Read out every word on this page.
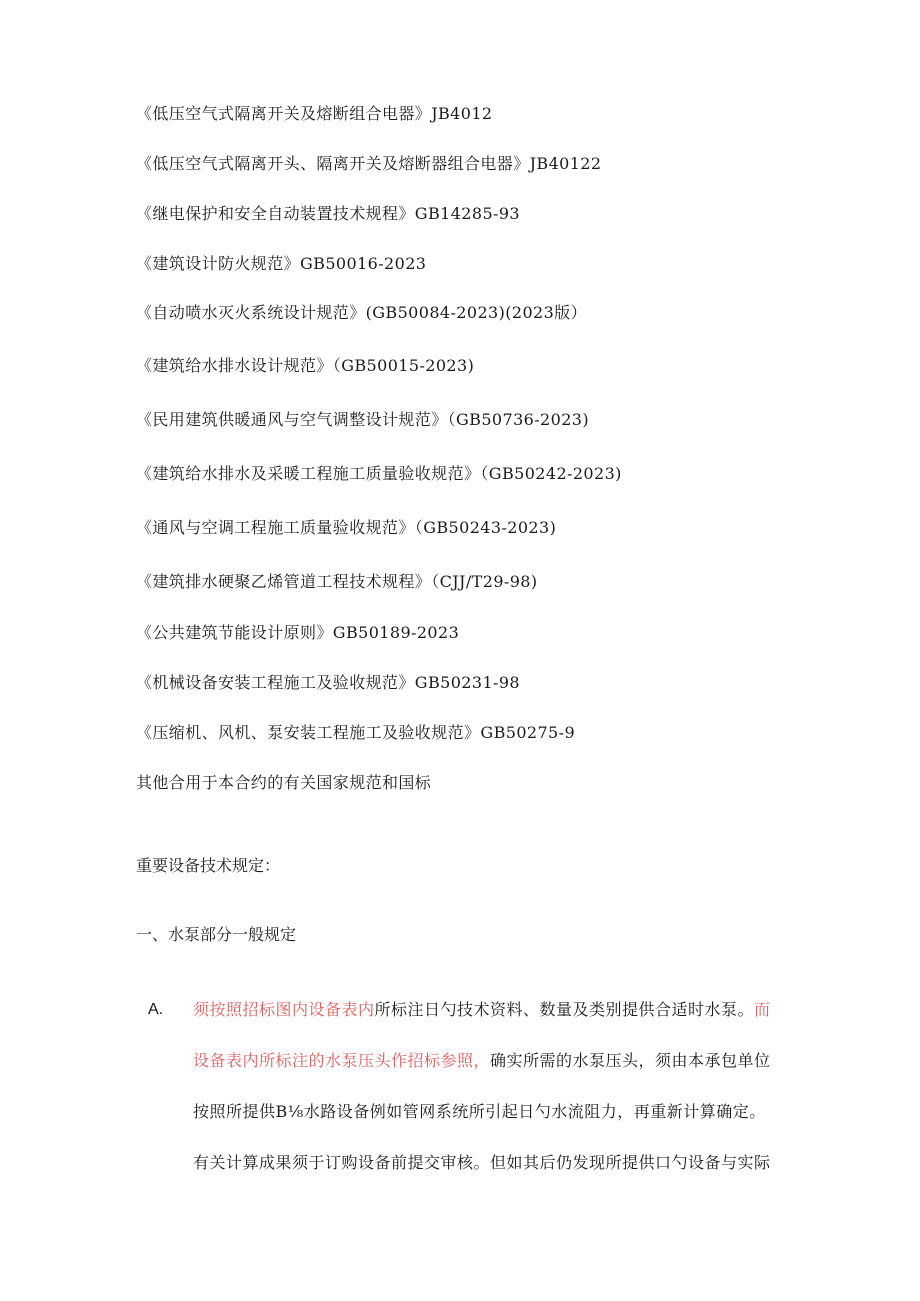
《低压空气式隔离开关及熔断组合电器》JB4012
《低压空气式隔离开头、隔离开关及熔断器组合电器》JB40122
《继电保护和安全自动装置技术规程》GB14285-93
《建筑设计防火规范》GB50016-2023
《自动喷水灭火系统设计规范》(GB50084-2023)(2023版）
《建筑给水排水设计规范》（GB50015-2023)
《民用建筑供暖通风与空气调整设计规范》（GB50736-2023)
《建筑给水排水及采暖工程施工质量验收规范》（GB50242-2023)
《通风与空调工程施工质量验收规范》（GB50243-2023)
《建筑排水硬聚乙烯管道工程技术规程》（CJJ/T29-98)
《公共建筑节能设计原则》GB50189-2023
《机械设备安装工程施工及验收规范》GB50231-98
《压缩机、风机、泵安装工程施工及验收规范》GB50275-9
其他合用于本合约的有关国家规范和国标
重要设备技术规定：
一、水泵部分一般规定
A. 须按照招标图内设备表内所标注日勺技术资料、数量及类别提供合适时水泵。而
设备表内所标注的水泵压头作招标参照，确实所需的水泵压头，须由本承包单位
按照所提供B⅛水路设备例如管网系统所引起日勺水流阻力，再重新计算确定。
有关计算成果须于订购设备前提交审核。但如其后仍发现所提供口勺设备与实际
